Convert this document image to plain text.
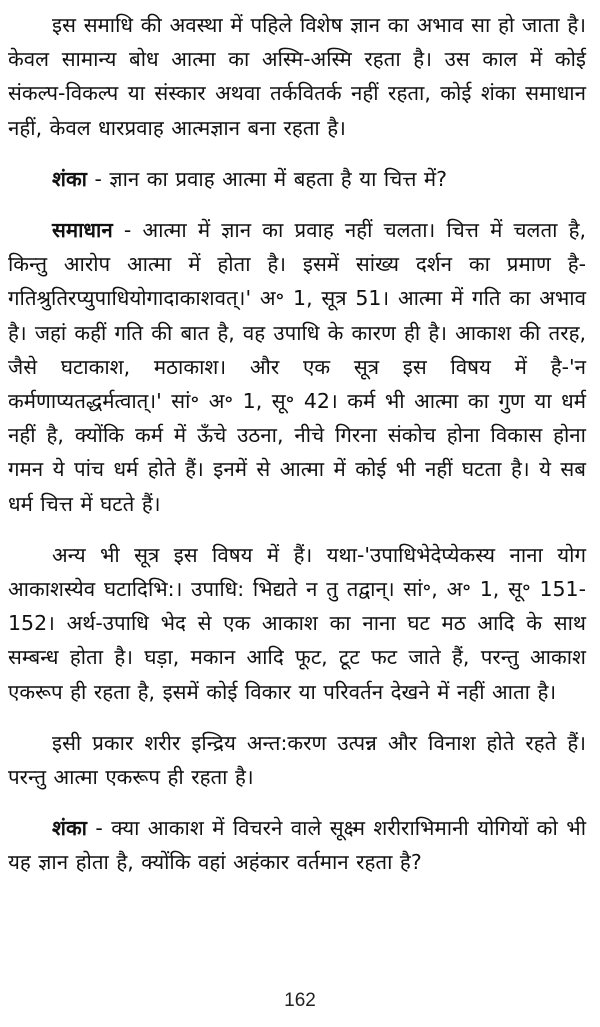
इस समाधि की अवस्था में पहिले विशेष ज्ञान का अभाव सा हो जाता है। केवल सामान्य बोध आत्मा का अस्मि-अस्मि रहता है। उस काल में कोई संकल्प-विकल्प या संस्कार अथवा तर्कवितर्क नहीं रहता, कोई शंका समाधान नहीं, केवल धारप्रवाह आत्मज्ञान बना रहता है।

शंका - ज्ञान का प्रवाह आत्मा में बहता है या चित्त में?

समाधान - आत्मा में ज्ञान का प्रवाह नहीं चलता। चित्त में चलता है, किन्तु आरोप आत्मा में होता है। इसमें सांख्य दर्शन का प्रमाण है-गतिश्रुतिरप्युपाधियोगादाकाशवत्।' अ॰ 1, सूत्र 51। आत्मा में गति का अभाव है। जहां कहीं गति की बात है, वह उपाधि के कारण ही है। आकाश की तरह, जैसे घटाकाश, मठाकाश। और एक सूत्र इस विषय में है-'न कर्मणाप्यतद्धर्मत्वात्।' सां॰ अ॰ 1, सू॰ 42। कर्म भी आत्मा का गुण या धर्म नहीं है, क्योंकि कर्म में ऊँचे उठना, नीचे गिरना संकोच होना विकास होना गमन ये पांच धर्म होते हैं। इनमें से आत्मा में कोई भी नहीं घटता है। ये सब धर्म चित्त में घटते हैं।

अन्य भी सूत्र इस विषय में हैं। यथा-'उपाधिभेदेप्येकस्य नाना योग आकाशस्येव घटादिभि:। उपाधि: भिद्यते न तु तद्वान्। सां॰, अ॰ 1, सू॰ 151-152। अर्थ-उपाधि भेद से एक आकाश का नाना घट मठ आदि के साथ सम्बन्ध होता है। घड़ा, मकान आदि फूट, टूट फट जाते हैं, परन्तु आकाश एकरूप ही रहता है, इसमें कोई विकार या परिवर्तन देखने में नहीं आता है।

इसी प्रकार शरीर इन्द्रिय अन्त:करण उत्पन्न और विनाश होते रहते हैं। परन्तु आत्मा एकरूप ही रहता है।

शंका - क्या आकाश में विचरने वाले सूक्ष्म शरीराभिमानी योगियों को भी यह ज्ञान होता है, क्योंकि वहां अहंकार वर्तमान रहता है?

162
